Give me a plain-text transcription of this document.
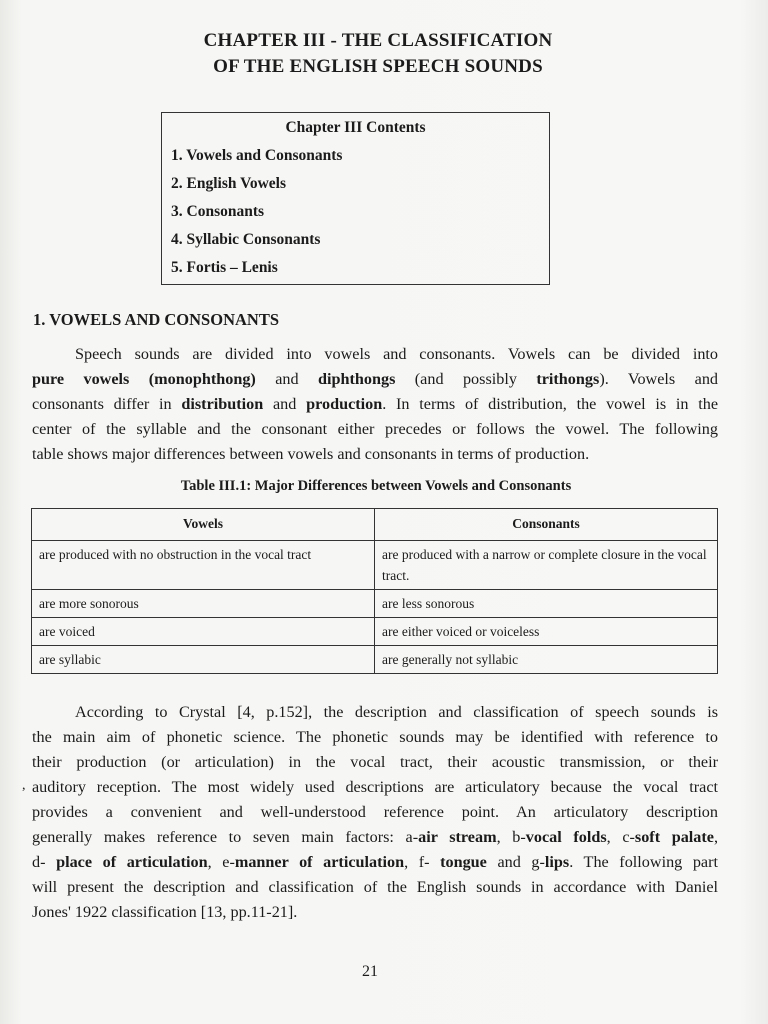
CHAPTER III - THE CLASSIFICATION
OF THE ENGLISH SPEECH SOUNDS
Chapter III Contents
1. Vowels and Consonants
2. English Vowels
3. Consonants
4. Syllabic Consonants
5. Fortis – Lenis
1. VOWELS AND CONSONANTS
Speech sounds are divided into vowels and consonants. Vowels can be divided into
pure vowels (monophthong) and diphthongs (and possibly trithongs). Vowels and
consonants differ in distribution and production. In terms of distribution, the vowel is in the
center of the syllable and the consonant either precedes or follows the vowel. The following
table shows major differences between vowels and consonants in terms of production.
Table III.1: Major Differences between Vowels and Consonants
Vowels	Consonants
are produced with no obstruction in the vocal tract	are produced with a narrow or complete closure in the vocal tract.
are more sonorous	are less sonorous
are voiced	are either voiced or voiceless
are syllabic	are generally not syllabic
According to Crystal [4, p.152], the description and classification of speech sounds is
the main aim of phonetic science. The phonetic sounds may be identified with reference to
their production (or articulation) in the vocal tract, their acoustic transmission, or their
auditory reception. The most widely used descriptions are articulatory because the vocal tract
provides a convenient and well-understood reference point. An articulatory description
generally makes reference to seven main factors: a-air stream, b-vocal folds, c-soft palate,
d- place of articulation, e-manner of articulation, f- tongue and g-lips. The following part
will present the description and classification of the English sounds in accordance with Daniel
Jones' 1922 classification [13, pp.11-21].
,
21
